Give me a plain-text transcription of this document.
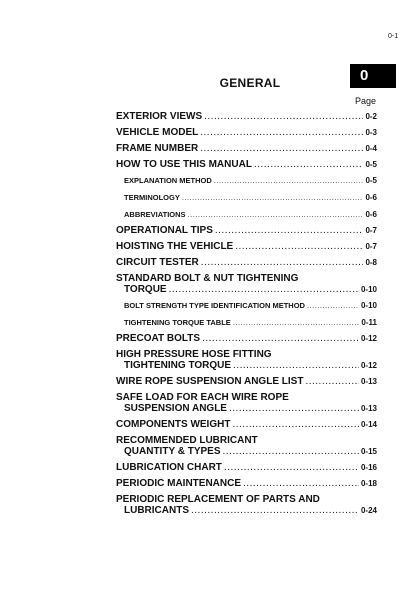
0-1
GENERAL	0
Page
EXTERIOR VIEWS .....	0-2
VEHICLE MODEL .....	0-3
FRAME NUMBER .....	0-4
HOW TO USE THIS MANUAL .....	0-5
EXPLANATION METHOD .....	0-5
TERMINOLOGY .....	0-6
ABBREVIATIONS .....	0-6
OPERATIONAL TIPS .....	0-7
HOISTING THE VEHICLE .....	0-7
CIRCUIT TESTER .....	0-8
STANDARD BOLT & NUT TIGHTENING
TORQUE .....	0-10
BOLT STRENGTH TYPE IDENTIFICATION METHOD .....	0-10
TIGHTENING TORQUE TABLE .....	0-11
PRECOAT BOLTS .....	0-12
HIGH PRESSURE HOSE FITTING
TIGHTENING TORQUE .....	0-12
WIRE ROPE SUSPENSION ANGLE LIST .....	0-13
SAFE LOAD FOR EACH WIRE ROPE
SUSPENSION ANGLE .....	0-13
COMPONENTS WEIGHT .....	0-14
RECOMMENDED LUBRICANT
QUANTITY & TYPES .....	0-15
LUBRICATION CHART .....	0-16
PERIODIC MAINTENANCE .....	0-18
PERIODIC REPLACEMENT OF PARTS AND
LUBRICANTS .....	0-24
